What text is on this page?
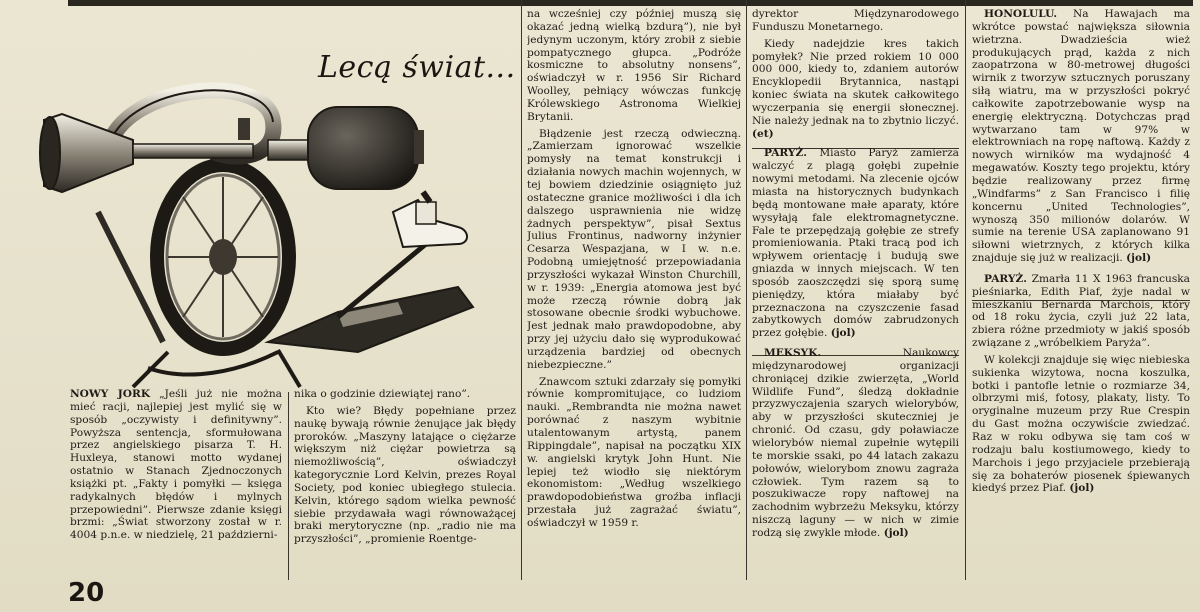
Lecą świat...

NOWY JORK „Jeśli już nie można mieć racji, najlepiej jest mylić się w sposób „oczywisty i definitywny”. Powyższa sentencja, sformułowana przez angielskiego pisarza T. H. Huxleya, stanowi motto wydanej ostatnio w Stanach Zjednoczonych książki pt. „Fakty i pomyłki — księga radykalnych błędów i mylnych przepowiedni”. Pierwsze zdanie księgi brzmi: „Świat stworzony został w r. 4004 p.n.e. w niedzielę, 21 październi-

nika o godzinie dziewiątej rano”.

Kto wie? Błędy popełniane przez naukę bywają równie żenujące jak błędy proroków. „Maszyny latające o ciężarze większym niż ciężar powietrza są niemożliwością”, oświadczył kategorycznie Lord Kelvin, prezes Royal Society, pod koniec ubiegłego stulecia. Kelvin, którego sądom wielka pewność siebie przydawała wagi równoważącej braki merytoryczne (np. „radio nie ma przyszłości”, „promienie Roentge-

na wcześniej czy później muszą się okazać jedną wielką bzdurą”), nie był jedynym uczonym, który zrobił z siebie pompatycznego głupca. „Podróże kosmiczne to absolutny nonsens”, oświadczył w r. 1956 Sir Richard Woolley, pełniący wówczas funkcję Królewskiego Astronoma Wielkiej Brytanii.

Błądzenie jest rzeczą odwieczną. „Zamierzam ignorować wszelkie pomysły na temat konstrukcji i działania nowych machin wojennych, w tej bowiem dziedzinie osiągnięto już ostateczne granice możliwości i dla ich dalszego usprawnienia nie widzę żadnych perspektyw”, pisał Sextus Julius Frontinus, nadworny inżynier Cesarza Wespazjana, w I w. n.e. Podobną umiejętność przepowiadania przyszłości wykazał Winston Churchill, w r. 1939: „Energia atomowa jest być może rzeczą równie dobrą jak stosowane obecnie środki wybuchowe. Jest jednak mało prawdopodobne, aby przy jej użyciu dało się wyprodukować urządzenia bardziej od obecnych niebezpieczne.”

Znawcom sztuki zdarzały się pomyłki równie kompromitujące, co ludziom nauki. „Rembrandta nie można nawet porównać z naszym wybitnie utalentowanym artystą, panem Rippingdale”, napisał na początku XIX w. angielski krytyk John Hunt. Nie lepiej też wiodło się niektórym ekonomistom: „Według wszelkiego prawdopodobieństwa groźba inflacji przestała już zagrażać światu”, oświadczył w 1959 r.

dyrektor Międzynarodowego Funduszu Monetarnego.

Kiedy nadejdzie kres takich pomyłek? Nie przed rokiem 10 000 000 000, kiedy to, zdaniem autorów Encyklopedii Brytannica, nastąpi koniec świata na skutek całkowitego wyczerpania się energii słonecznej. Nie należy jednak na to zbytnio liczyć. (et)

PARYŻ. Miasto Paryż zamierza walczyć z plagą gołębi zupełnie nowymi metodami. Na zlecenie ojców miasta na historycznych budynkach będą montowane małe aparaty, które wysyłają fale elektromagnetyczne. Fale te przepędzają gołębie ze strefy promieniowania. Ptaki tracą pod ich wpływem orientację i budują swe gniazda w innych miejscach. W ten sposób zaoszczędzi się sporą sumę pieniędzy, która miałaby być przeznaczona na czyszczenie fasad zabytkowych domów zabrudzonych przez gołębie. (jol)

MEKSYK.	Naukowcy międzynarodowej organizacji chroniącej dzikie zwierzęta, „World Wildlife Fund”, śledzą dokładnie przyzwyczajenia szarych wielorybów, aby w przyszłości skuteczniej je chronić. Od czasu, gdy poławiacze wielorybów niemal zupełnie wytępili te morskie ssaki, po 44 latach zakazu połowów, wielorybom znowu zagraża człowiek. Tym razem są to poszukiwacze ropy naftowej na zachodnim wybrzeżu Meksyku, którzy niszczą laguny — w nich w zimie rodzą się zwykle młode. (jol)

HONOLULU. Na Hawajach ma wkrótce powstać największa siłownia wietrzna. Dwadzieścia wież produkujących prąd, każda z nich zaopatrzona w 80-metrowej długości wirnik z tworzyw sztucznych poruszany siłą wiatru, ma w przyszłości pokryć całkowite zapotrzebowanie wysp na energię elektryczną. Dotychczas prąd wytwarzano tam w 97% w elektrowniach na ropę naftową. Każdy z nowych wirników ma wydajność 4 megawatów. Koszty tego projektu, który będzie realizowany przez firmę „Windfarms” z San Francisco i filię koncernu „United Technologies”, wynoszą 350 milionów dolarów. W sumie na terenie USA zaplanowano 91 siłowni wietrznych, z których kilka znajduje się już w realizacji. (jol)

PARYŻ. Zmarła 11 X 1963 francuska pieśniarka, Edith Piaf, żyje nadal w mieszkaniu Bernarda Marchois, który od 18 roku życia, czyli już 22 lata, zbiera różne przedmioty w jakiś sposób związane z „wróbelkiem Paryża”.

W kolekcji znajduje się więc niebieska sukienka wizytowa, nocna koszulka, botki i pantofle letnie o rozmiarze 34, olbrzymi miś, fotosy, plakaty, listy. To oryginalne muzeum przy Rue Crespin du Gast można oczywiście zwiedzać. Raz w roku odbywa się tam coś w rodzaju balu kostiumowego, kiedy to Marchois i jego przyjaciele przebierają się za bohaterów piosenek śpiewanych kiedyś przez Piaf. (jol)

20
